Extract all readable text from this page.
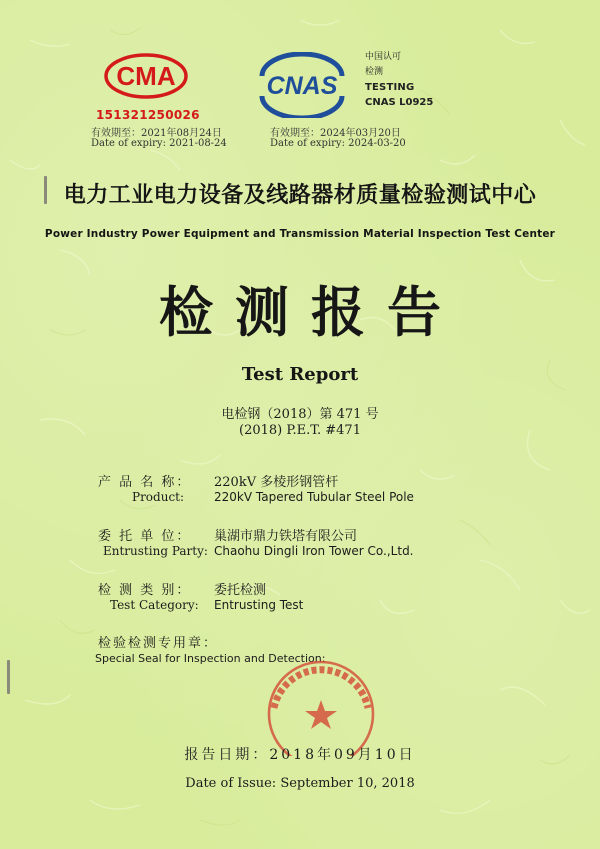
CMA
151321250026
有效期至：2021年08月24日
Date of expiry: 2021-08-24
CNAS
中国认可
检测
TESTING
CNAS L0925
有效期至：2024年03月20日
Date of expiry: 2024-03-20
电力工业电力设备及线路器材质量检验测试中心
Power Industry Power Equipment and Transmission Material Inspection Test Center
检测报告
Test Report
电检钢（2018）第 471 号
(2018) P.E.T. #471
产 品 名 称： 220kV 多棱形钢管杆
Product: 220kV Tapered Tubular Steel Pole
委 托 单 位： 巢湖市鼎力铁塔有限公司
Entrusting Party: Chaohu Dingli Iron Tower Co.,Ltd.
检 测 类 别： 委托检测
Test Category: Entrusting Test
检验检测专用章：
Special Seal for Inspection and Detection:
报告日期：2018年09月10日
Date of Issue: September 10, 2018
